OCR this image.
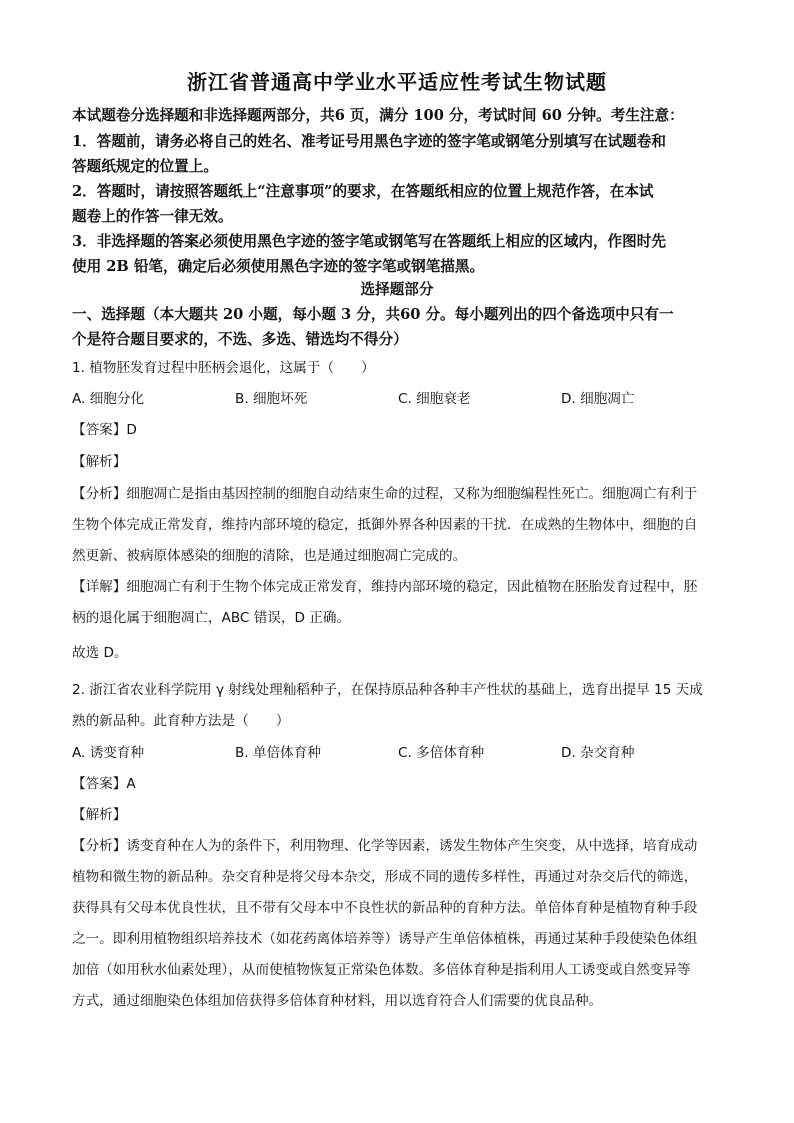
浙江省普通高中学业水平适应性考试生物试题
本试题卷分选择题和非选择题两部分，共6 页，满分 100 分，考试时间 60 分钟。考生注意：
1．答题前，请务必将自己的姓名、准考证号用黑色字迹的签字笔或钢笔分别填写在试题卷和
答题纸规定的位置上。
2．答题时，请按照答题纸上“注意事项”的要求，在答题纸相应的位置上规范作答，在本试
题卷上的作答一律无效。
3．非选择题的答案必须使用黑色字迹的签字笔或钢笔写在答题纸上相应的区域内，作图时先
使用 2B 铅笔，确定后必须使用黑色字迹的签字笔或钢笔描黑。
选择题部分
一、选择题（本大题共 20 小题，每小题 3 分，共60 分。每小题列出的四个备选项中只有一
个是符合题目要求的，不选、多选、错选均不得分）
1. 植物胚发育过程中胚柄会退化，这属于（　　）
A. 细胞分化	B. 细胞坏死	C. 细胞衰老	D. 细胞凋亡
【答案】D
【解析】
【分析】细胞凋亡是指由基因控制的细胞自动结束生命的过程，又称为细胞编程性死亡。细胞凋亡有利于
生物个体完成正常发育，维持内部环境的稳定，抵御外界各种因素的干扰．在成熟的生物体中，细胞的自
然更新、被病原体感染的细胞的清除，也是通过细胞凋亡完成的。
【详解】细胞凋亡有利于生物个体完成正常发育，维持内部环境的稳定，因此植物在胚胎发育过程中，胚
柄的退化属于细胞凋亡，ABC 错误，D 正确。
故选 D。
2. 浙江省农业科学院用 γ 射线处理籼稻种子，在保持原品种各种丰产性状的基础上，选育出提早 15 天成
熟的新品种。此育种方法是（　　）
A. 诱变育种	B. 单倍体育种	C. 多倍体育种	D. 杂交育种
【答案】A
【解析】
【分析】诱变育种在人为的条件下，利用物理、化学等因素，诱发生物体产生突变，从中选择，培育成动
植物和微生物的新品种。杂交育种是将父母本杂交，形成不同的遗传多样性，再通过对杂交后代的筛选，
获得具有父母本优良性状，且不带有父母本中不良性状的新品种的育种方法。单倍体育种是植物育种手段
之一。即利用植物组织培养技术（如花药离体培养等）诱导产生单倍体植株，再通过某种手段使染色体组
加倍（如用秋水仙素处理），从而使植物恢复正常染色体数。多倍体育种是指利用人工诱变或自然变异等
方式，通过细胞染色体组加倍获得多倍体育种材料，用以选育符合人们需要的优良品种。
